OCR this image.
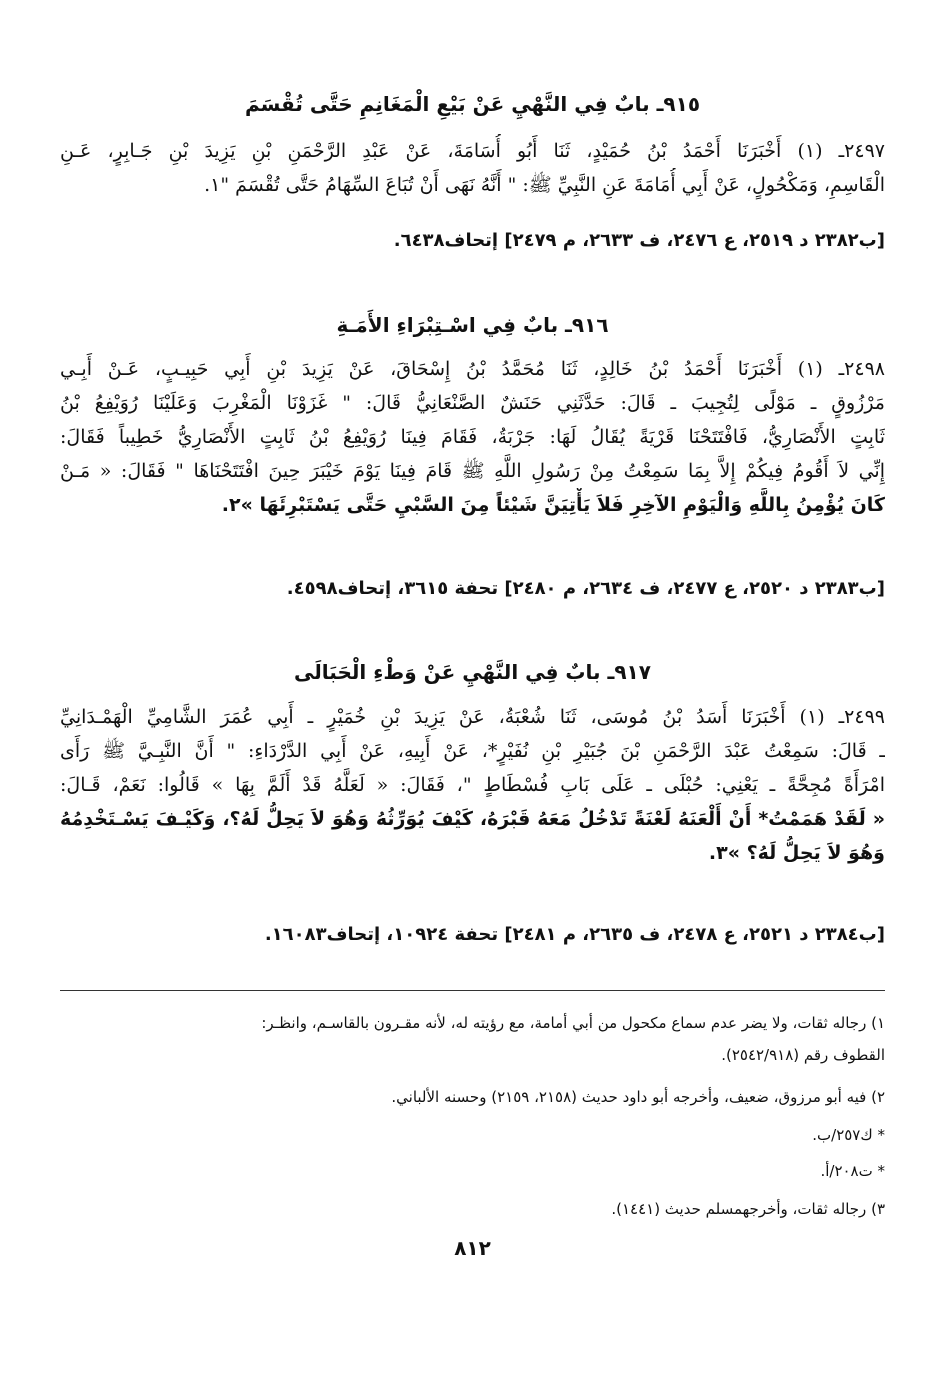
٩١٥ـ بابٌ فِي النَّهْيِ عَنْ بَيْعِ الْمَغَانِمِ حَتَّى تُقْسَمَ
٢٤٩٧ـ (١) أَخْبَرَنَا أَحْمَدُ بْنُ حُمَيْدٍ، ثَنَا أَبُو أُسَامَةَ، عَنْ عَبْدِ الرَّحْمَنِ بْنِ يَزِيدَ بْنِ جَـابِرٍ، عَـنِ
الْقَاسِمِ، وَمَكْحُولٍ، عَنْ أَبِي أُمَامَةَ عَنِ النَّبِيِّ ﷺ: " أَنَّهُ نَهَى أَنْ تُبَاعَ السِّهَامُ حَتَّى تُقْسَمَ "١.
[ب٢٣٨٢ د ٢٥١٩، ع ٢٤٧٦، ف ٢٦٣٣، م ٢٤٧٩] إتحاف٦٤٣٨.
٩١٦ـ بابٌ فِي اسْـتِبْرَاءِ الأَمَـةِ
٢٤٩٨ـ (١) أَخْبَرَنَا أَحْمَدُ بْنُ خَالِدٍ، ثَنَا مُحَمَّدُ بْنُ إِسْحَاقَ، عَنْ يَزِيدَ بْنِ أَبِي حَبِيـبٍ، عَـنْ أَبِـي
مَرْزُوقٍ ـ مَوْلًى لِتُجِيبَ ـ قَالَ: حَدَّثَنِي حَنَشٌ الصَّنْعَانِيُّ قَالَ: " غَزَوْنَا الْمَغْرِبَ وَعَلَيْنَا رُوَيْفِعُ بْنُ
ثَابِتٍ الأَنْصَارِيُّ، فَافْتَتَحْنَا قَرْيَةً يُقَالُ لَهَا: جَرْبَةُ، فَقَامَ فِينَا رُوَيْفِعُ بْنُ ثَابِتٍ الأَنْصَارِيُّ خَطِيباً فَقَالَ:
إِنِّي لاَ أَقُومُ فِيكُمْ إِلاَّ بِمَا سَمِعْتُ مِنْ رَسُولِ اللَّهِ ﷺ قَامَ فِينَا يَوْمَ خَيْبَرَ حِينَ افْتَتَحْنَاهَا " فَقَالَ: « مَـنْ
كَانَ يُؤْمِنُ بِاللَّهِ وَالْيَوْمِ الآخِرِ فَلاَ يَأْتِيَنَّ شَيْئاً مِنَ السَّبْيِ حَتَّى يَسْتَبْرِئَهَا »٢.
[ب٢٣٨٣ د ٢٥٢٠، ع ٢٤٧٧، ف ٢٦٣٤، م ٢٤٨٠] تحفة ٣٦١٥، إتحاف٤٥٩٨.
٩١٧ـ بابٌ فِي النَّهْيِ عَنْ وَطْءِ الْحَبَالَى
٢٤٩٩ـ (١) أَخْبَرَنَا أَسَدُ بْنُ مُوسَى، ثَنَا شُعْبَةُ، عَنْ يَزِيدَ بْنِ خُمَيْرٍ ـ أَبِي عُمَرَ الشَّامِيِّ الْهَمْـدَانِيِّ
ـ قَالَ: سَمِعْتُ عَبْدَ الرَّحْمَنِ بْنَ جُبَيْرِ بْنِ نُفَيْرٍ*، عَنْ أَبِيهِ، عَنْ أَبِي الدَّرْدَاءِ: " أَنَّ النَّبِـيَّ ﷺ رَأَى
امْرَأَةً مُجِحَّةً ـ يَعْنِي: حُبْلَى ـ عَلَى بَابِ فُسْطَاطٍ "، فَقَالَ: « لَعَلَّهُ قَدْ أَلَمَّ بِهَا » قَالُوا: نَعَمْ، قَـالَ:
« لَقَدْ هَمَمْتُ* أَنْ أَلْعَنَهُ لَعْنَةً تَدْخُلُ مَعَهُ قَبْرَهُ، كَيْفَ يُوَرِّثُهُ وَهُوَ لاَ يَحِلُّ لَهُ؟، وَكَيْـفَ يَسْـتَخْدِمُهُ
وَهُوَ لاَ يَحِلُّ لَهُ؟ »٣.
[ب٢٣٨٤ د ٢٥٢١، ع ٢٤٧٨، ف ٢٦٣٥، م ٢٤٨١] تحفة ١٠٩٢٤، إتحاف١٦٠٨٣.
١) رجاله ثقات، ولا يضر عدم سماع مكحول من أبي أمامة، مع رؤيته له، لأنه مقـرون بالقاسـم، وانظـر:
القطوف رقم (٢٥٤٢/٩١٨).
٢) فيه أبو مرزوق، ضعيف، وأخرجه أبو داود حديث (٢١٥٨، ٢١٥٩) وحسنه الألباني.
* ك٢٥٧/ب.
* ت٢٠٨/أ.
٣) رجاله ثقات، وأخرجهمسلم حديث (١٤٤١).
٨١٢
